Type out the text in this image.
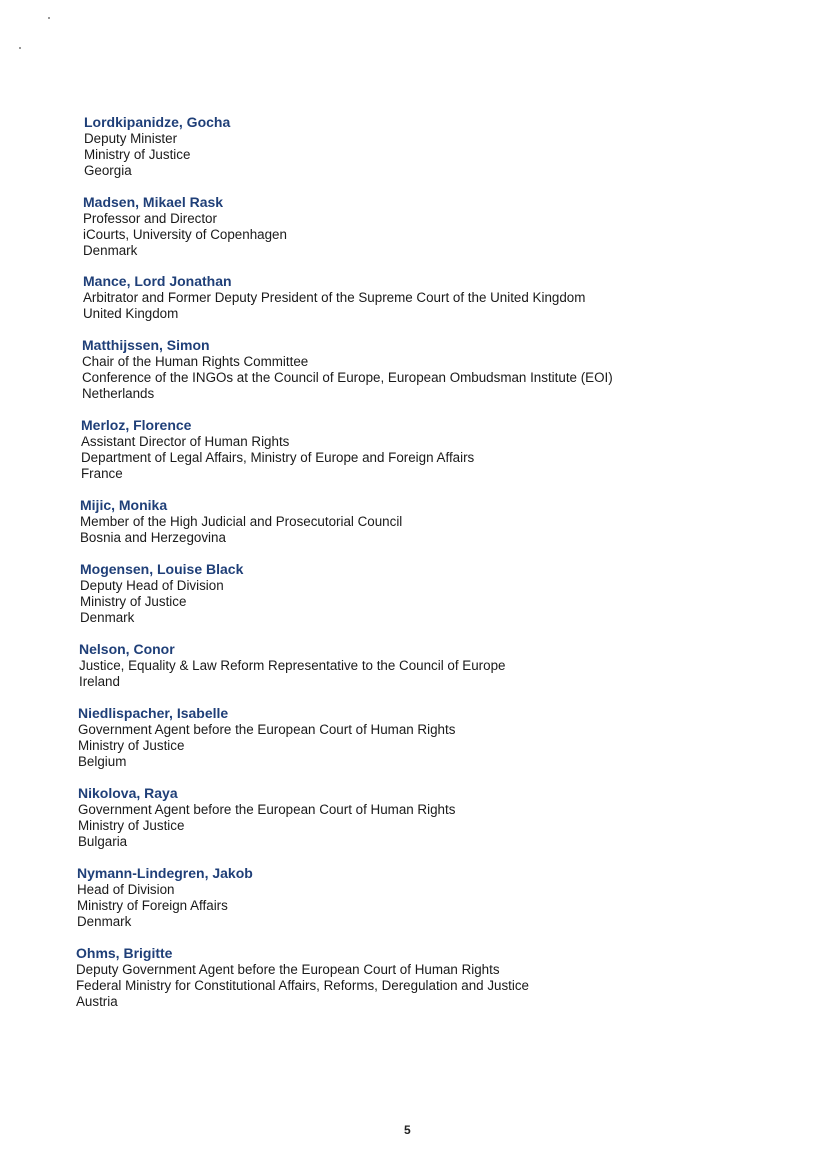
Lordkipanidze, Gocha
Deputy Minister
Ministry of Justice
Georgia
Madsen, Mikael Rask
Professor and Director
iCourts, University of Copenhagen
Denmark
Mance, Lord Jonathan
Arbitrator and Former Deputy President of the Supreme Court of the United Kingdom
United Kingdom
Matthijssen, Simon
Chair of the Human Rights Committee
Conference of the INGOs at the Council of Europe, European Ombudsman Institute (EOI)
Netherlands
Merloz, Florence
Assistant Director of Human Rights
Department of Legal Affairs, Ministry of Europe and Foreign Affairs
France
Mijic, Monika
Member of the High Judicial and Prosecutorial Council
Bosnia and Herzegovina
Mogensen, Louise Black
Deputy Head of Division
Ministry of Justice
Denmark
Nelson, Conor
Justice, Equality & Law Reform Representative to the Council of Europe
Ireland
Niedlispacher, Isabelle
Government Agent before the European Court of Human Rights
Ministry of Justice
Belgium
Nikolova, Raya
Government Agent before the European Court of Human Rights
Ministry of Justice
Bulgaria
Nymann-Lindegren, Jakob
Head of Division
Ministry of Foreign Affairs
Denmark
Ohms, Brigitte
Deputy Government Agent before the European Court of Human Rights
Federal Ministry for Constitutional Affairs, Reforms, Deregulation and Justice
Austria
5
